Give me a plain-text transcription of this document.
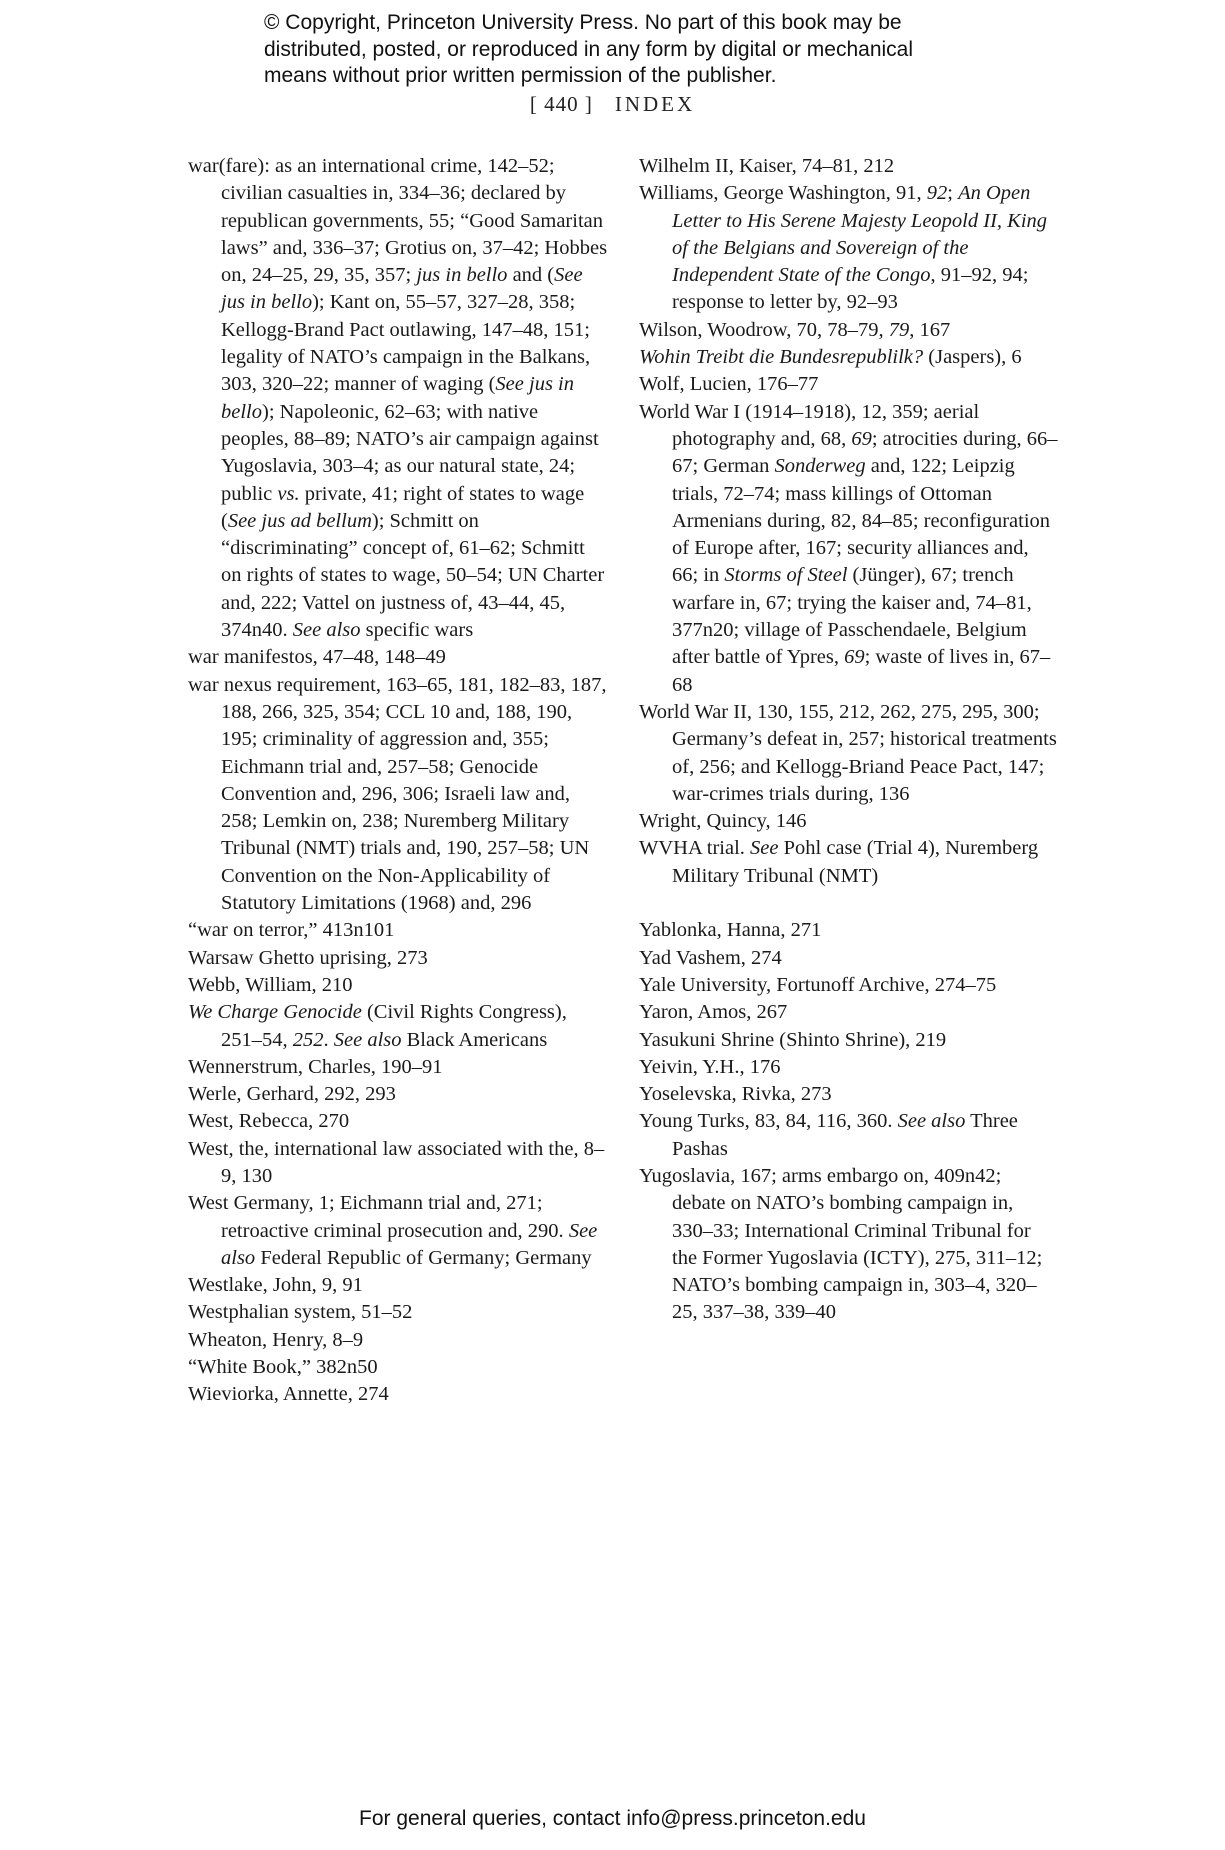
© Copyright, Princeton University Press. No part of this book may be
distributed, posted, or reproduced in any form by digital or mechanical
means without prior written permission of the publisher.
[ 440 ] INDEX
war(fare): as an international crime, 142–52; civilian casualties in, 334–36; declared by republican governments, 55; “Good Samaritan laws” and, 336–37; Grotius on, 37–42; Hobbes on, 24–25, 29, 35, 357; jus in bello and (See jus in bello); Kant on, 55–57, 327–28, 358; Kellogg-Brand Pact outlawing, 147–48, 151; legality of NATO’s campaign in the Balkans, 303, 320–22; manner of waging (See jus in bello); Napoleonic, 62–63; with native peoples, 88–89; NATO’s air campaign against Yugoslavia, 303–4; as our natural state, 24; public vs. private, 41; right of states to wage (See jus ad bellum); Schmitt on “discriminating” concept of, 61–62; Schmitt on rights of states to wage, 50–54; UN Charter and, 222; Vattel on justness of, 43–44, 45, 374n40. See also specific wars
war manifestos, 47–48, 148–49
war nexus requirement, 163–65, 181, 182–83, 187, 188, 266, 325, 354; CCL 10 and, 188, 190, 195; criminality of aggression and, 355; Eichmann trial and, 257–58; Genocide Convention and, 296, 306; Israeli law and, 258; Lemkin on, 238; Nuremberg Military Tribunal (NMT) trials and, 190, 257–58; UN Convention on the Non-Applicability of Statutory Limitations (1968) and, 296
“war on terror,” 413n101
Warsaw Ghetto uprising, 273
Webb, William, 210
We Charge Genocide (Civil Rights Congress), 251–54, 252. See also Black Americans
Wennerstrum, Charles, 190–91
Werle, Gerhard, 292, 293
West, Rebecca, 270
West, the, international law associated with the, 8–9, 130
West Germany, 1; Eichmann trial and, 271; retroactive criminal prosecution and, 290. See also Federal Republic of Germany; Germany
Westlake, John, 9, 91
Westphalian system, 51–52
Wheaton, Henry, 8–9
“White Book,” 382n50
Wieviorka, Annette, 274
Wilhelm II, Kaiser, 74–81, 212
Williams, George Washington, 91, 92; An Open Letter to His Serene Majesty Leopold II, King of the Belgians and Sovereign of the Independent State of the Congo, 91–92, 94; response to letter by, 92–93
Wilson, Woodrow, 70, 78–79, 79, 167
Wohin Treibt die Bundesrepublilk? (Jaspers), 6
Wolf, Lucien, 176–77
World War I (1914–1918), 12, 359; aerial photography and, 68, 69; atrocities during, 66–67; German Sonderweg and, 122; Leipzig trials, 72–74; mass killings of Ottoman Armenians during, 82, 84–85; reconfiguration of Europe after, 167; security alliances and, 66; in Storms of Steel (Jünger), 67; trench warfare in, 67; trying the kaiser and, 74–81, 377n20; village of Passchendaele, Belgium after battle of Ypres, 69; waste of lives in, 67–68
World War II, 130, 155, 212, 262, 275, 295, 300; Germany’s defeat in, 257; historical treatments of, 256; and Kellogg-Briand Peace Pact, 147; war-crimes trials during, 136
Wright, Quincy, 146
WVHA trial. See Pohl case (Trial 4), Nuremberg Military Tribunal (NMT)
Yablonka, Hanna, 271
Yad Vashem, 274
Yale University, Fortunoff Archive, 274–75
Yaron, Amos, 267
Yasukuni Shrine (Shinto Shrine), 219
Yeivin, Y.H., 176
Yoselevska, Rivka, 273
Young Turks, 83, 84, 116, 360. See also Three Pashas
Yugoslavia, 167; arms embargo on, 409n42; debate on NATO’s bombing campaign in, 330–33; International Criminal Tribunal for the Former Yugoslavia (ICTY), 275, 311–12; NATO’s bombing campaign in, 303–4, 320–25, 337–38, 339–40
For general queries, contact info@press.princeton.edu
